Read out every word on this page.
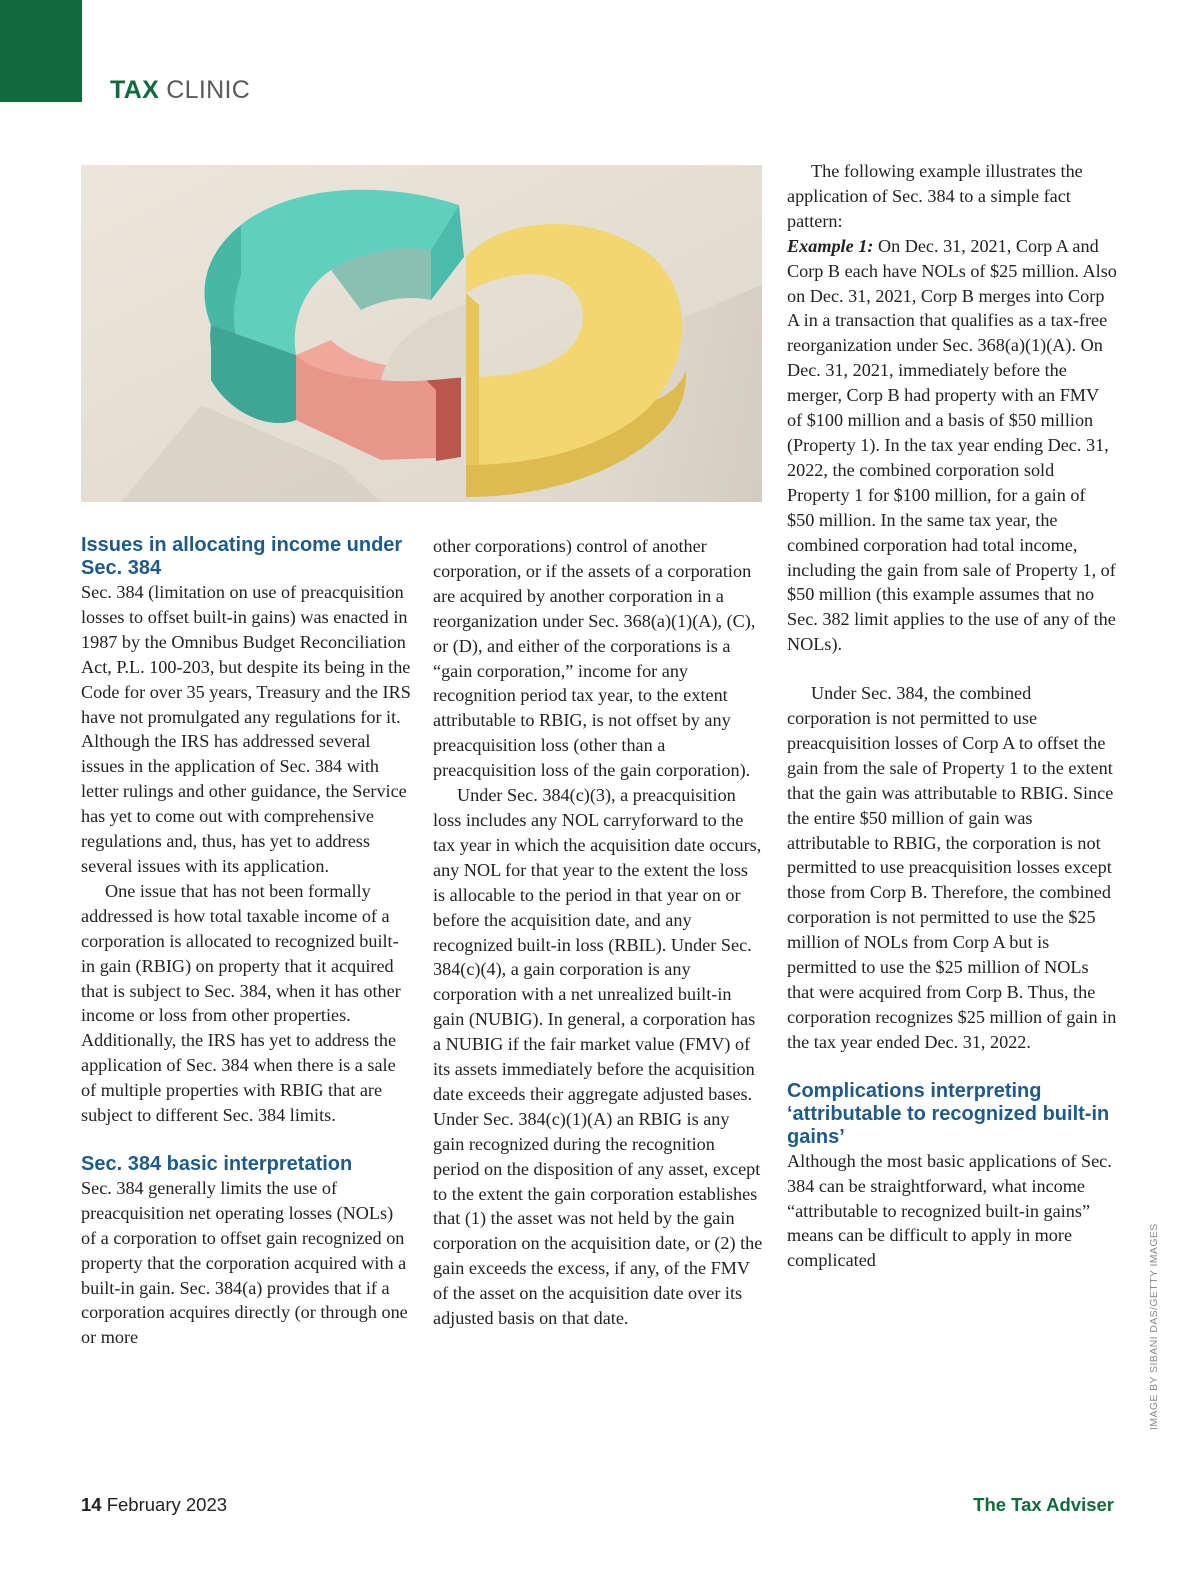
TAX CLINIC
IMAGE BY SIBANI DAS/GETTY IMAGES
Issues in allocating income under Sec. 384

Sec. 384 (limitation on use of preacquisition losses to offset built-in gains) was enacted in 1987 by the Omnibus Budget Reconciliation Act, P.L. 100-203, but despite its being in the Code for over 35 years, Treasury and the IRS have not promulgated any regulations for it. Although the IRS has addressed several issues in the application of Sec. 384 with letter rulings and other guidance, the Service has yet to come out with comprehensive regulations and, thus, has yet to address several issues with its application.

One issue that has not been formally addressed is how total taxable income of a corporation is allocated to recognized built-in gain (RBIG) on property that it acquired that is subject to Sec. 384, when it has other income or loss from other properties. Additionally, the IRS has yet to address the application of Sec. 384 when there is a sale of multiple properties with RBIG that are subject to different Sec. 384 limits.

Sec. 384 basic interpretation

Sec. 384 generally limits the use of preacquisition net operating losses (NOLs) of a corporation to offset gain recognized on property that the corporation acquired with a built-in gain. Sec. 384(a) provides that if a corporation acquires directly (or through one or more

other corporations) control of another corporation, or if the assets of a corporation are acquired by another corporation in a reorganization under Sec. 368(a)(1)(A), (C), or (D), and either of the corporations is a “gain corporation,” income for any recognition period tax year, to the extent attributable to RBIG, is not offset by any preacquisition loss (other than a preacquisition loss of the gain corporation).

Under Sec. 384(c)(3), a preacquisition loss includes any NOL carryforward to the tax year in which the acquisition date occurs, any NOL for that year to the extent the loss is allocable to the period in that year on or before the acquisition date, and any recognized built-in loss (RBIL). Under Sec. 384(c)(4), a gain corporation is any corporation with a net unrealized built-in gain (NUBIG). In general, a corporation has a NUBIG if the fair market value (FMV) of its assets immediately before the acquisition date exceeds their aggregate adjusted bases. Under Sec. 384(c)(1)(A) an RBIG is any gain recognized during the recognition period on the disposition of any asset, except to the extent the gain corporation establishes that (1) the asset was not held by the gain corporation on the acquisition date, or (2) the gain exceeds the excess, if any, of the FMV of the asset on the acquisition date over its adjusted basis on that date.

The following example illustrates the application of Sec. 384 to a simple fact pattern:

Example 1: On Dec. 31, 2021, Corp A and Corp B each have NOLs of $25 million. Also on Dec. 31, 2021, Corp B merges into Corp A in a transaction that qualifies as a tax-free reorganization under Sec. 368(a)(1)(A). On Dec. 31, 2021, immediately before the merger, Corp B had property with an FMV of $100 million and a basis of $50 million (Property 1). In the tax year ending Dec. 31, 2022, the combined corporation sold Property 1 for $100 million, for a gain of $50 million. In the same tax year, the combined corporation had total income, including the gain from sale of Property 1, of $50 million (this example assumes that no Sec. 382 limit applies to the use of any of the NOLs).

Under Sec. 384, the combined corporation is not permitted to use preacquisition losses of Corp A to offset the gain from the sale of Property 1 to the extent that the gain was attributable to RBIG. Since the entire $50 million of gain was attributable to RBIG, the corporation is not permitted to use preacquisition losses except those from Corp B. Therefore, the combined corporation is not permitted to use the $25 million of NOLs from Corp A but is permitted to use the $25 million of NOLs that were acquired from Corp B. Thus, the corporation recognizes $25 million of gain in the tax year ended Dec. 31, 2022.

Complications interpreting ‘attributable to recognized built-in gains’

Although the most basic applications of Sec. 384 can be straightforward, what income “attributable to recognized built-in gains” means can be difficult to apply in more complicated

14 February 2023	The Tax Adviser
